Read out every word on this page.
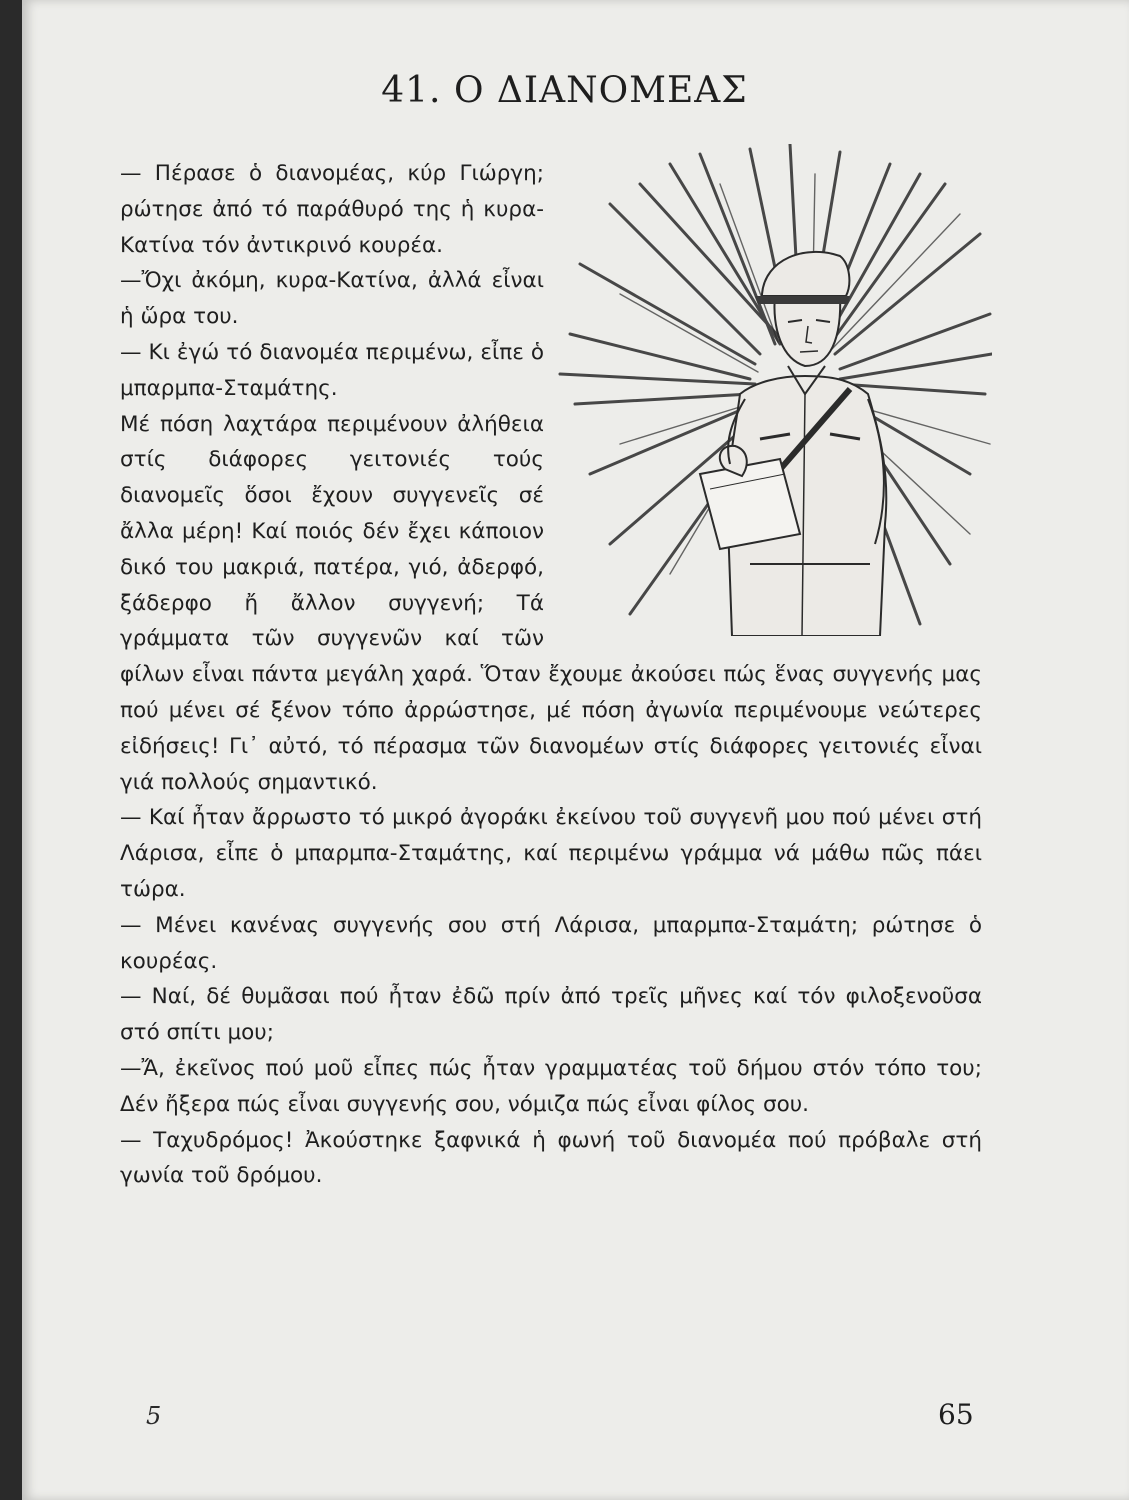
41. Ο ΔΙΑΝΟΜΕΑΣ

— Πέρασε ὁ διανομέας, κύρ Γιώργη; ρώτησε ἀπό τό παράθυρό της ἡ κυρα-Κατίνα τόν ἀντικρινό κουρέα.

—Ὄχι ἀκόμη, κυρα-Κατίνα, ἀλλά εἶναι ἡ ὥρα του.

— Κι ἐγώ τό διανομέα περιμένω, εἶπε ὁ μπαρμπα-Σταμάτης.

Μέ πόση λαχτάρα περιμένουν ἀλήθεια στίς διάφορες γειτονιές τούς διανομεῖς ὅσοι ἔχουν συγγενεῖς σέ ἄλλα μέρη! Καί ποιός δέν ἔχει κάποιον δικό του μακριά, πατέρα, γιό, ἀδερφό, ξάδερφο ἤ ἄλλον συγγενή; Τά γράμματα τῶν συγγενῶν καί τῶν φίλων εἶναι πάντα μεγάλη χαρά. Ὅταν ἔχουμε ἀκούσει πώς ἕνας συγγενής μας πού μένει σέ ξένον τόπο ἀρρώστησε, μέ πόση ἀγωνία περιμένουμε νεώτερες εἰδήσεις! Γι᾿ αὐτό, τό πέρασμα τῶν διανομέων στίς διάφορες γειτονιές εἶναι γιά πολλούς σημαντικό.

— Καί ἦταν ἄρρωστο τό μικρό ἀγοράκι ἐκείνου τοῦ συγγενῆ μου πού μένει στή Λάρισα, εἶπε ὁ μπαρμπα-Σταμάτης, καί περιμένω γράμμα νά μάθω πῶς πάει τώρα.

— Μένει κανένας συγγενής σου στή Λάρισα, μπαρμπα-Σταμάτη; ρώτησε ὁ κουρέας.

— Ναί, δέ θυμᾶσαι πού ἦταν ἐδῶ πρίν ἀπό τρεῖς μῆνες καί τόν φιλοξενοῦσα στό σπίτι μου;

—Ἄ, ἐκεῖνος πού μοῦ εἶπες πώς ἦταν γραμματέας τοῦ δήμου στόν τόπο του; Δέν ἤξερα πώς εἶναι συγγενής σου, νόμιζα πώς εἶναι φίλος σου.

— Ταχυδρόμος! Ἀκούστηκε ξαφνικά ἡ φωνή τοῦ διανομέα πού πρόβαλε στή γωνία τοῦ δρόμου.

5	65
